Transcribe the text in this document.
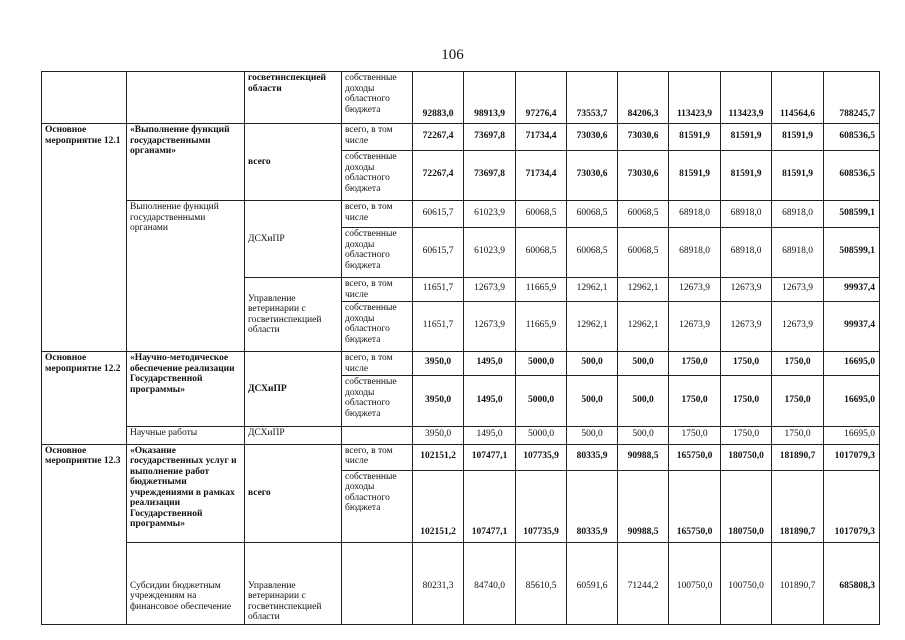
106
		госветинспекцией области	собственные доходы областного бюджета	92883,0	98913,9	97276,4	73553,7	84206,3	113423,9	113423,9	114564,6	788245,7
Основное мероприятие 12.1	«Выполнение функций государственными органами»	всего	всего, в том числе	72267,4	73697,8	71734,4	73030,6	73030,6	81591,9	81591,9	81591,9	608536,5
			собственные доходы областного бюджета	72267,4	73697,8	71734,4	73030,6	73030,6	81591,9	81591,9	81591,9	608536,5
	Выполнение функций государственными органами	ДСХиПР	всего, в том числе	60615,7	61023,9	60068,5	60068,5	60068,5	68918,0	68918,0	68918,0	508599,1
			собственные доходы областного бюджета	60615,7	61023,9	60068,5	60068,5	60068,5	68918,0	68918,0	68918,0	508599,1
		Управление ветеринарии с госветинспекцией области	всего, в том числе	11651,7	12673,9	11665,9	12962,1	12962,1	12673,9	12673,9	12673,9	99937,4
			собственные доходы областного бюджета	11651,7	12673,9	11665,9	12962,1	12962,1	12673,9	12673,9	12673,9	99937,4
Основное мероприятие 12.2	«Научно-методическое обеспечение реализации Государственной программы»	ДСХиПР	всего, в том числе	3950,0	1495,0	5000,0	500,0	500,0	1750,0	1750,0	1750,0	16695,0
			собственные доходы областного бюджета	3950,0	1495,0	5000,0	500,0	500,0	1750,0	1750,0	1750,0	16695,0
	Научные работы	ДСХиПР		3950,0	1495,0	5000,0	500,0	500,0	1750,0	1750,0	1750,0	16695,0
Основное мероприятие 12.3	«Оказание государственных услуг и выполнение работ бюджетными учреждениями в рамках реализации Государственной программы»	всего	всего, в том числе	102151,2	107477,1	107735,9	80335,9	90988,5	165750,0	180750,0	181890,7	1017079,3
			собственные доходы областного бюджета	102151,2	107477,1	107735,9	80335,9	90988,5	165750,0	180750,0	181890,7	1017079,3
	Субсидии бюджетным учреждениям на финансовое обеспечение	Управление ветеринарии с госветинспекцией области		80231,3	84740,0	85610,5	60591,6	71244,2	100750,0	100750,0	101890,7	685808,3
